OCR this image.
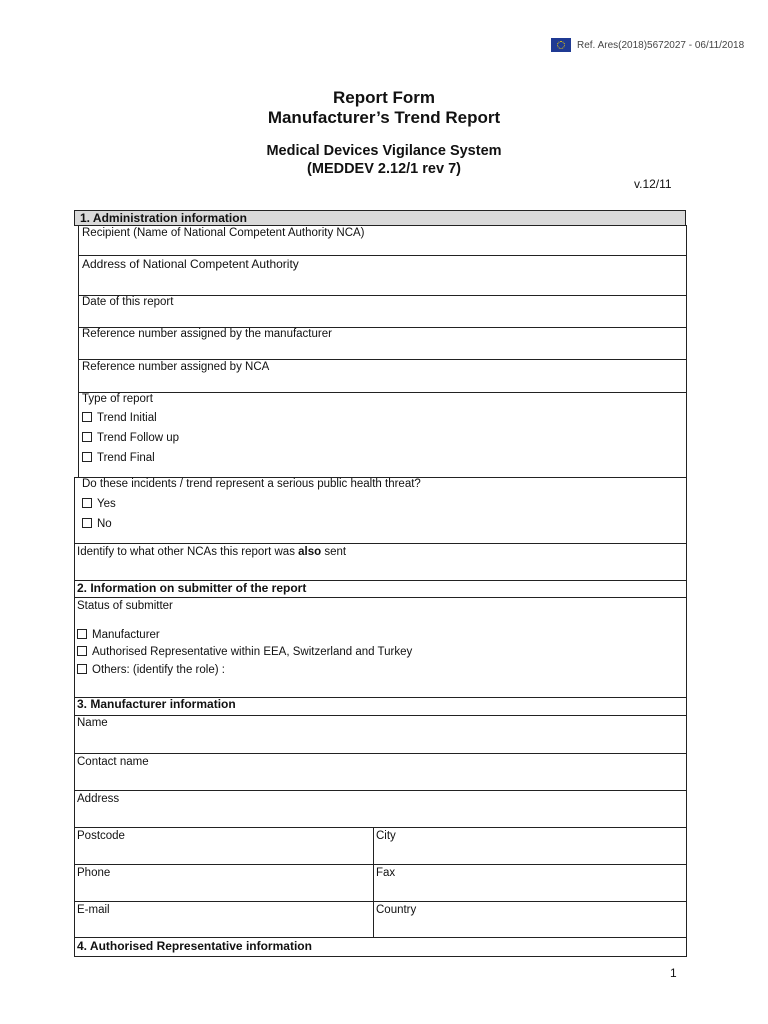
Ref. Ares(2018)5672027 - 06/11/2018
Report Form
Manufacturer’s Trend Report
Medical Devices Vigilance System
(MEDDEV 2.12/1 rev 7)
v.12/11
1. Administration information
Recipient (Name of National Competent Authority NCA)
Address of National Competent Authority
Date of this report
Reference number assigned by the manufacturer
Reference number assigned by NCA
Type of report
Trend Initial
Trend Follow up
Trend Final
Do these incidents / trend represent a serious public health threat?
Yes
No
Identify to what other NCAs this report was also sent
2. Information on submitter of the report
Status of submitter
Manufacturer
Authorised Representative within EEA, Switzerland and Turkey
Others: (identify the role) :
3. Manufacturer information
Name
Contact name
Address
Postcode	City
Phone	Fax
E-mail	Country
4. Authorised Representative information
1
